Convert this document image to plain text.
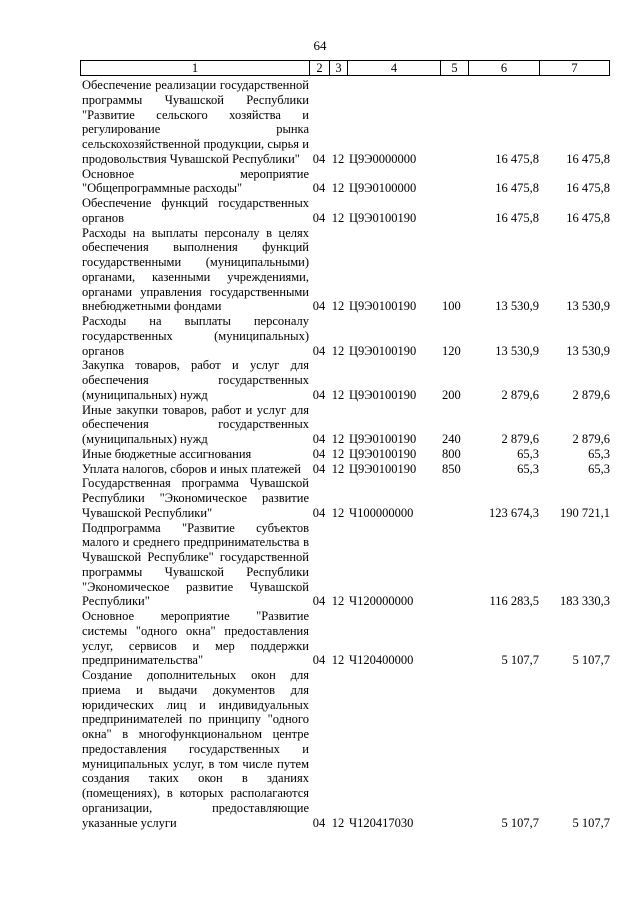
64
1	2	3	4	5	6	7
Обеспечение реализации государственной программы Чувашской Республики "Развитие сельского хозяйства и регулирование рынка сельскохозяйственной продукции, сырья и продовольствия Чувашской Республики"	04 12 Ц9Э0000000	16 475,8	16 475,8
Основное мероприятие "Общепрограммные расходы"	04 12 Ц9Э0100000	16 475,8	16 475,8
Обеспечение функций государственных органов	04 12 Ц9Э0100190	16 475,8	16 475,8
Расходы на выплаты персоналу в целях обеспечения выполнения функций государственными (муниципальными) органами, казенными учреждениями, органами управления государственными внебюджетными фондами	04 12 Ц9Э0100190	100	13 530,9	13 530,9
Расходы на выплаты персоналу государственных (муниципальных) органов	04 12 Ц9Э0100190	120	13 530,9	13 530,9
Закупка товаров, работ и услуг для обеспечения государственных (муниципальных) нужд	04 12 Ц9Э0100190	200	2 879,6	2 879,6
Иные закупки товаров, работ и услуг для обеспечения государственных (муниципальных) нужд	04 12 Ц9Э0100190	240	2 879,6	2 879,6
Иные бюджетные ассигнования	04 12 Ц9Э0100190	800	65,3	65,3
Уплата налогов, сборов и иных платежей 04 12 Ц9Э0100190	850	65,3	65,3
Государственная программа Чувашской Республики "Экономическое развитие Чувашской Республики"	04 12 Ч100000000	123 674,3	190 721,1
Подпрограмма "Развитие субъектов малого и среднего предпринимательства в Чувашской Республике" государственной программы Чувашской Республики "Экономическое развитие Чувашской Республики"	04 12 Ч120000000	116 283,5	183 330,3
Основное мероприятие "Развитие системы "одного окна" предоставления услуг, сервисов и мер поддержки предпринимательства"	04 12 Ч120400000	5 107,7	5 107,7
Создание дополнительных окон для приема и выдачи документов для юридических лиц и индивидуальных предпринимателей по принципу "одного окна" в многофункциональном центре предоставления государственных и муниципальных услуг, в том числе путем создания таких окон в зданиях (помещениях), в которых располагаются организации, предоставляющие указанные услуги	04 12 Ч120417030	5 107,7	5 107,7
